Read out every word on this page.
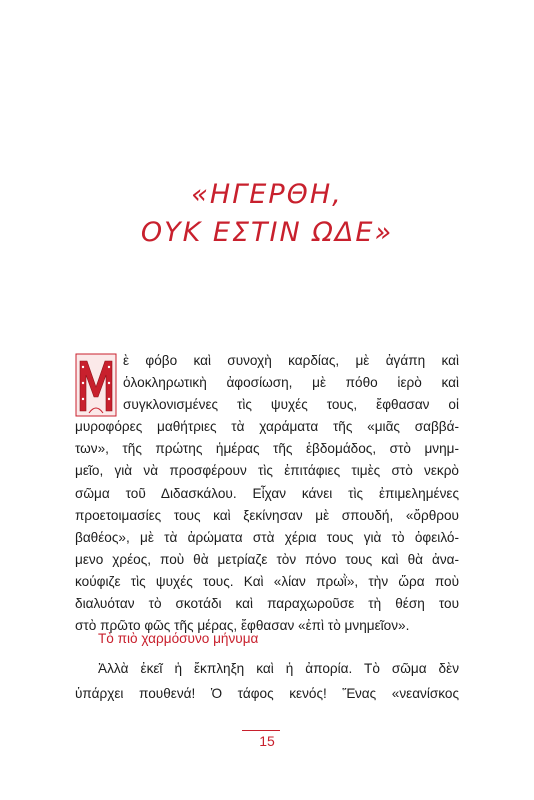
«ΗΓΕΡΘΗ,
ΟΥΚ ΕΣΤΙΝ ΩΔΕ»
ὲ φόβο καὶ συνοχὴ καρδίας, μὲ ἀγάπη καὶ
ὁλοκληρωτικὴ ἀφοσίωση, μὲ πόθο ἱερὸ καὶ
συγκλονισμένες τὶς ψυχές τους, ἔφθασαν οἱ
μυροφόρες μαθήτριες τὰ χαράματα τῆς «μιᾶς σαββά-
των», τῆς πρώτης ἡμέρας τῆς ἑβδομάδος, στὸ μνημ-
μεῖο, γιὰ νὰ προσφέρουν τὶς ἐπιτάφιες τιμὲς στὸ νεκρὸ
σῶμα τοῦ Διδασκάλου. Εἶχαν κάνει τὶς ἐπιμελημένες
προετοιμασίες τους καὶ ξεκίνησαν μὲ σπουδή, «ὄρθρου
βαθέος», μὲ τὰ ἀρώματα στὰ χέρια τους γιὰ τὸ ὀφειλό-
μενο χρέος, ποὺ θὰ μετρίαζε τὸν πόνο τους καὶ θὰ ἀνα-
κούφιζε τὶς ψυχές τους. Καὶ «λίαν πρωῒ», τὴν ὥρα ποὺ
διαλυόταν τὸ σκοτάδι καὶ παραχωροῦσε τὴ θέση του
στὸ πρῶτο φῶς τῆς μέρας, ἔφθασαν «ἐπὶ τὸ μνημεῖον».
Τὸ πιὸ χαρμόσυνο μήνυμα
Ἀλλὰ ἐκεῖ ἡ ἔκπληξη καὶ ἡ ἀπορία. Τὸ σῶμα δὲν
ὑπάρχει πουθενά! Ὁ τάφος κενός! Ἕνας «νεανίσκος
15
